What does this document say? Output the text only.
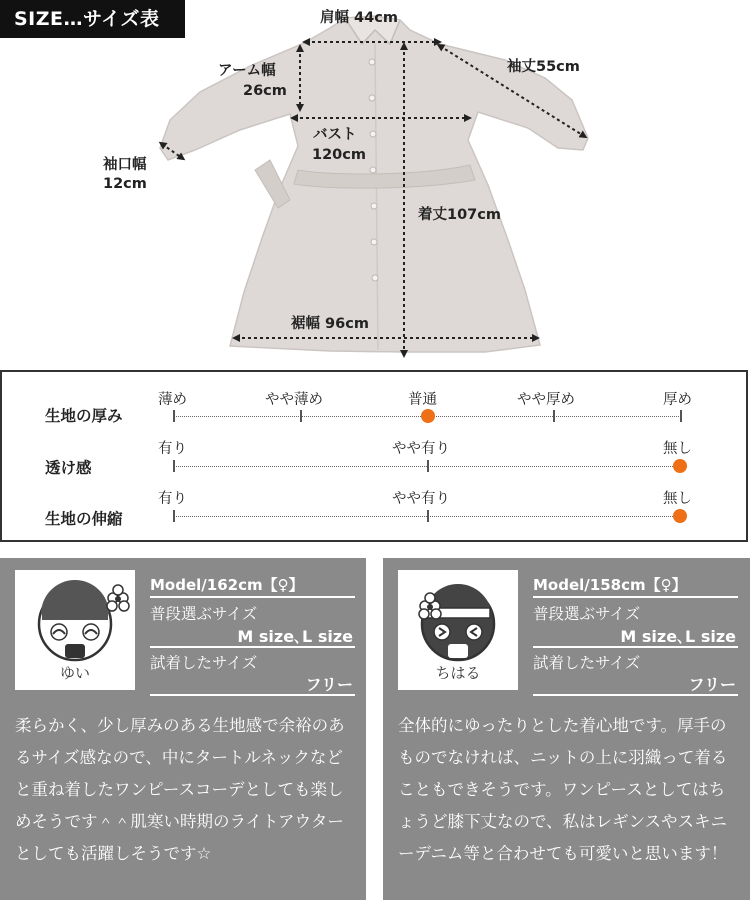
SIZE…サイズ表	肩幅 44cm
袖丈55cm
アーム幅
26cm
バスト
120cm
袖口幅
12cm
着丈107cm
裾幅 96cm
生地の厚み
薄め	やや薄め	普通	やや厚め	厚め
透け感
有り	やや有り	無し
生地の伸縮
有り	やや有り	無し
ゆい
Model/162cm【♀】
普段選ぶサイズ
M size､L size
試着したサイズ
フリー
柔らかく、少し厚みのある生地感で余裕のあるサイズ感なので、中にタートルネックなどと重ね着したワンピースコーデとしても楽しめそうです＾＾肌寒い時期のライトアウターとしても活躍しそうです☆
ちはる
Model/158cm【♀】
普段選ぶサイズ
M size､L size
試着したサイズ
フリー
全体的にゆったりとした着心地です。厚手のものでなければ、ニットの上に羽織って着ることもできそうです。ワンピースとしてはちょうど膝下丈なので、私はレギンスやスキニーデニム等と合わせても可愛いと思います！
